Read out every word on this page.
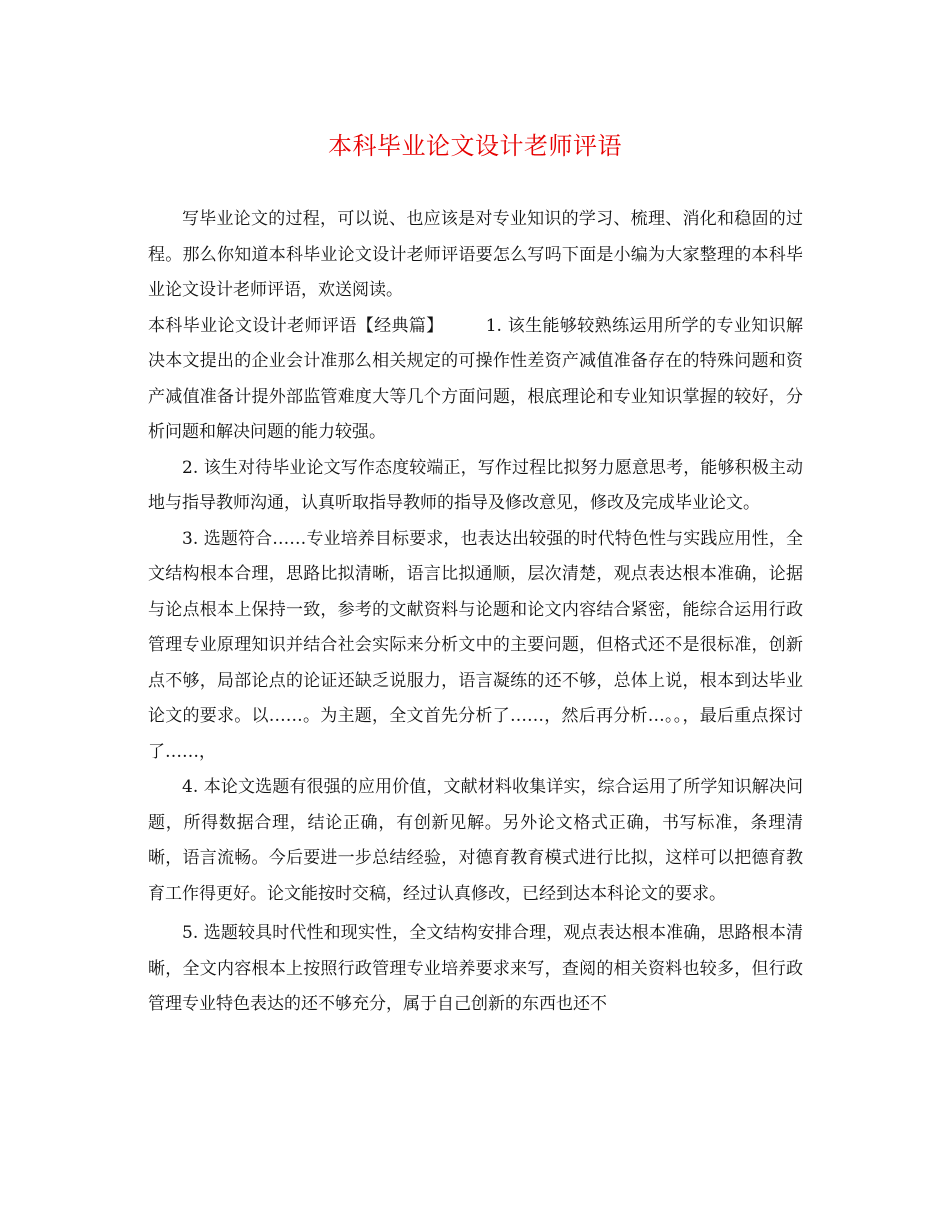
本科毕业论文设计老师评语

写毕业论文的过程，可以说、也应该是对专业知识的学习、梳理、消化和稳固的过程。那么你知道本科毕业论文设计老师评语要怎么写吗下面是小编为大家整理的本科毕业论文设计老师评语，欢送阅读。

本科毕业论文设计老师评语【经典篇】 1. 该生能够较熟练运用所学的专业知识解决本文提出的企业会计准那么相关规定的可操作性差资产减值准备存在的特殊问题和资产减值准备计提外部监管难度大等几个方面问题，根底理论和专业知识掌握的较好，分析问题和解决问题的能力较强。

2. 该生对待毕业论文写作态度较端正，写作过程比拟努力愿意思考，能够积极主动地与指导教师沟通，认真听取指导教师的指导及修改意见，修改及完成毕业论文。

3. 选题符合……专业培养目标要求，也表达出较强的时代特色性与实践应用性，全文结构根本合理，思路比拟清晰，语言比拟通顺，层次清楚，观点表达根本准确，论据与论点根本上保持一致，参考的文献资料与论题和论文内容结合紧密，能综合运用行政管理专业原理知识并结合社会实际来分析文中的主要问题，但格式还不是很标准，创新点不够，局部论点的论证还缺乏说服力，语言凝练的还不够，总体上说，根本到达毕业论文的要求。以……。为主题，全文首先分析了……，然后再分析…。。，最后重点探讨了……，

4. 本论文选题有很强的应用价值，文献材料收集详实，综合运用了所学知识解决问题，所得数据合理，结论正确，有创新见解。另外论文格式正确，书写标准，条理清晰，语言流畅。今后要进一步总结经验，对德育教育模式进行比拟，这样可以把德育教育工作得更好。论文能按时交稿，经过认真修改，已经到达本科论文的要求。

5. 选题较具时代性和现实性，全文结构安排合理，观点表达根本准确，思路根本清晰，全文内容根本上按照行政管理专业培养要求来写，查阅的相关资料也较多，但行政管理专业特色表达的还不够充分，属于自己创新的东西也还不
